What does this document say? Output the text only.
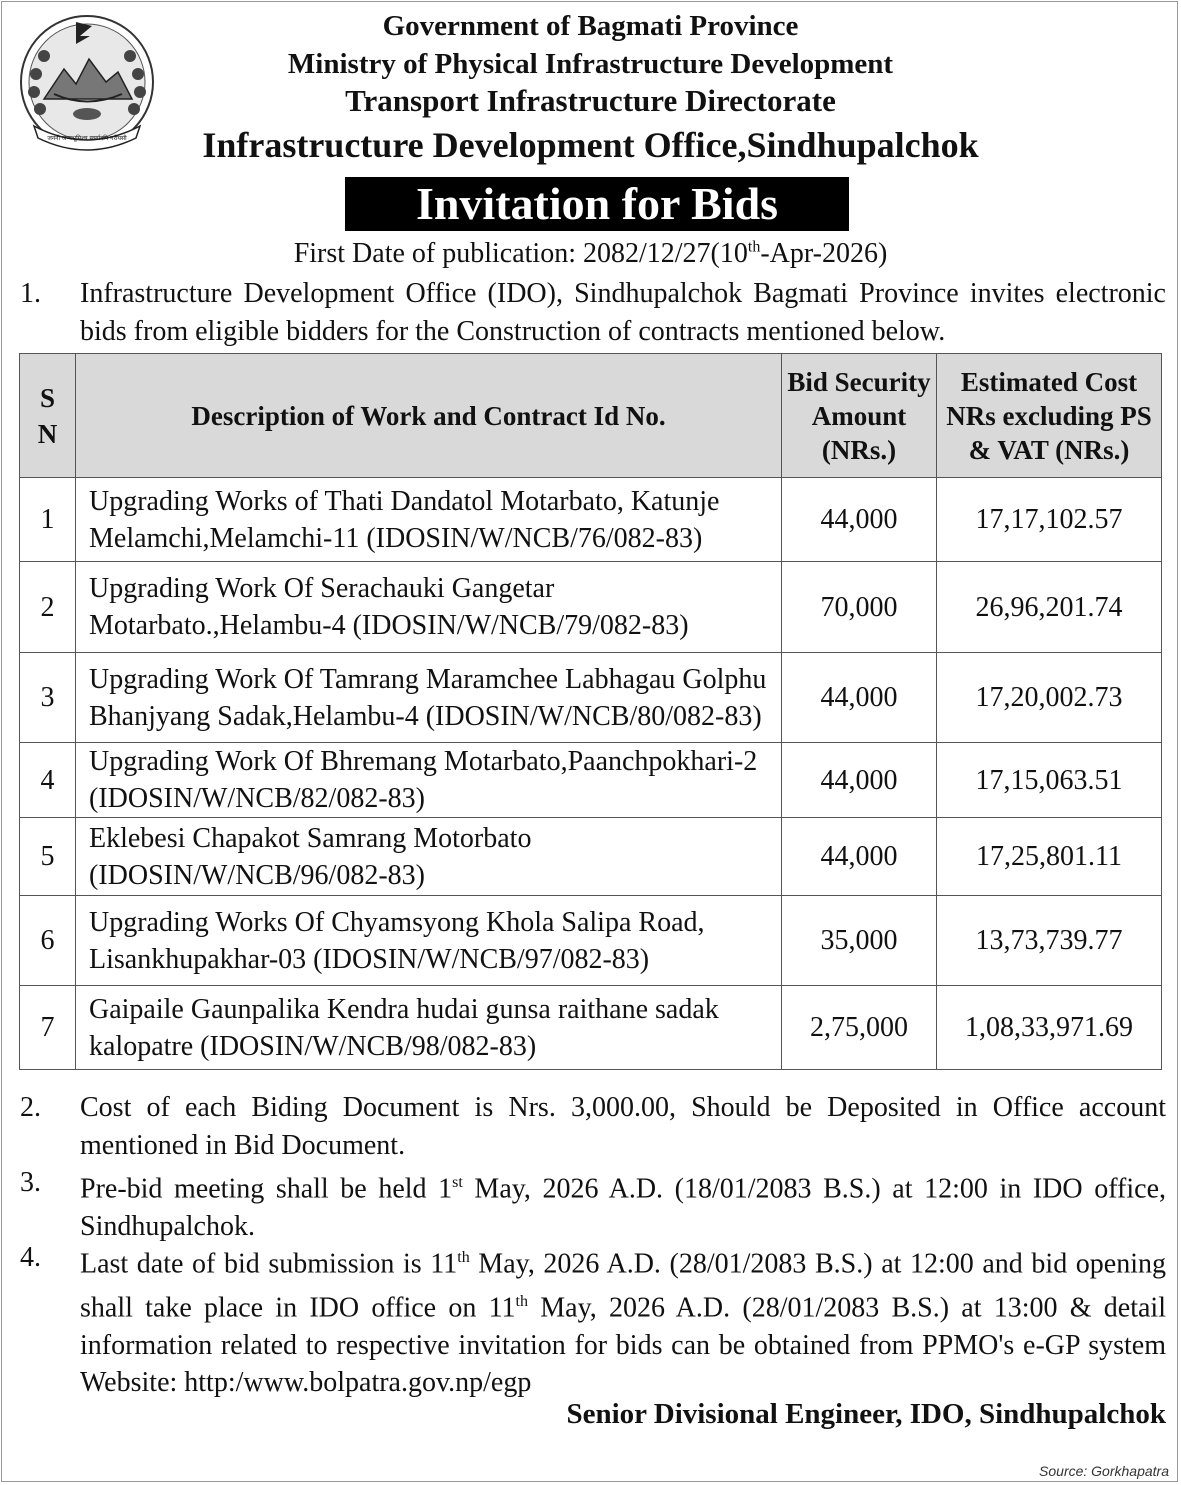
जननी जन्मभूमिश्च स्वर्गादपि गरीयसी
Government of Bagmati Province
Ministry of Physical Infrastructure Development
Transport Infrastructure Directorate
Infrastructure Development Office,Sindhupalchok
Invitation for Bids
First Date of publication: 2082/12/27(10th-Apr-2026)
1. Infrastructure Development Office (IDO), Sindhupalchok Bagmati Province invites electronic bids from eligible bidders for the Construction of contracts mentioned below.
S N	Description of Work and Contract Id No.	Bid Security Amount (NRs.)	Estimated Cost NRs excluding PS & VAT (NRs.)

1	Upgrading Works of Thati Dandatol Motarbato, Katunje Melamchi,Melamchi-11 (IDOSIN/W/NCB/76/082-83)	44,000	17,17,102.57
2	Upgrading Work Of Serachauki Gangetar Motarbato.,Helambu-4 (IDOSIN/W/NCB/79/082-83)	70,000	26,96,201.74
3	Upgrading Work Of Tamrang Maramchee Labhagau Golphu Bhanjyang Sadak,Helambu-4 (IDOSIN/W/NCB/80/082-83)	44,000	17,20,002.73
4	Upgrading Work Of Bhremang Motarbato,Paanchpokhari-2 (IDOSIN/W/NCB/82/082-83)	44,000	17,15,063.51
5	Eklebesi Chapakot Samrang Motorbato (IDOSIN/W/NCB/96/082-83)	44,000	17,25,801.11
6	Upgrading Works Of Chyamsyong Khola Salipa Road, Lisankhupakhar-03 (IDOSIN/W/NCB/97/082-83)	35,000	13,73,739.77
7	Gaipaile Gaunpalika Kendra hudai gunsa raithane sadak kalopatre (IDOSIN/W/NCB/98/082-83)	2,75,000	1,08,33,971.69
2. Cost of each Biding Document is Nrs. 3,000.00, Should be Deposited in Office account mentioned in Bid Document.
3. Pre-bid meeting shall be held 1st May, 2026 A.D. (18/01/2083 B.S.) at 12:00 in IDO office, Sindhupalchok.
4. Last date of bid submission is 11th May, 2026 A.D. (28/01/2083 B.S.) at 12:00 and bid opening shall take place in IDO office on 11th May, 2026 A.D. (28/01/2083 B.S.) at 13:00 & detail information related to respective invitation for bids can be obtained from PPMO's e-GP system Website: http:/www.bolpatra.gov.np/egp
Senior Divisional Engineer, IDO, Sindhupalchok
Source: Gorkhapatra
